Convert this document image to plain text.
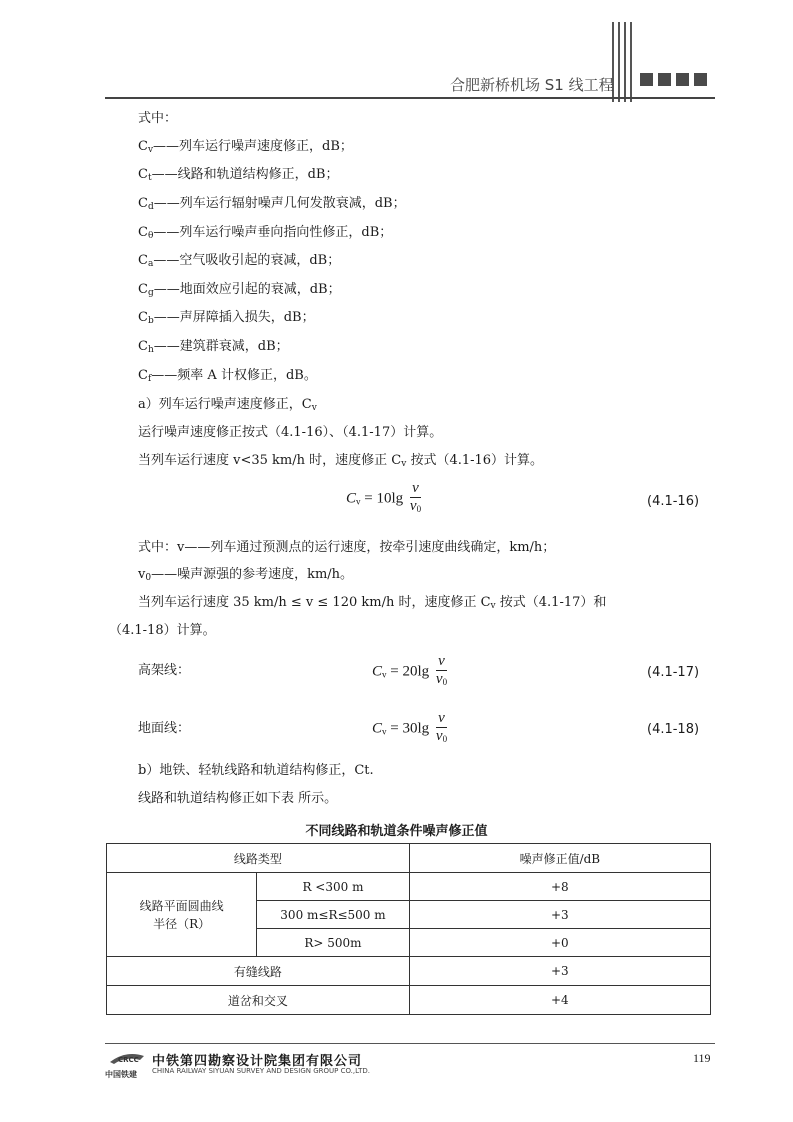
合肥新桥机场 S1 线工程
式中：
a）列车运行噪声速度修正，$C_v$
运行噪声速度修正按式（4.1-16）、（4.1-17）计算。
当列车运行速度 v<35 km/h 时，速度修正 $C_v$ 按式（4.1-16）计算。
$C_v = 10\lg \frac{v}{v_0}$	(4.1-16)
式中：v——列车通过预测点的运行速度，按牵引速度曲线确定，km/h；
$v_0——$噪声源强的参考速度，km/h。
当列车运行速度 35 km/h ≤ v ≤ 120 km/h 时，速度修正 $C_v$ 按式（4.1-17）和
（4.1-18）计算。
高架线：	$C_v = 20\lg \frac{v}{v_0}$	(4.1-17)
地面线：	$C_v = 30\lg \frac{v}{v_0}$	(4.1-18)
b）地铁、轻轨线路和轨道结构修正，Ct.
线路和轨道结构修正如下表 所示。
不同线路和轨道条件噪声修正值
线路类型		噪声修正值/dB
线路平面圆曲线
半径（R）	R <300 m	+8
	300 m≤R≤500 m	+3
	R> 500m	+0
有缝线路		+3
道岔和交叉		+4
CRCC
中国铁建
中铁第四勘察设计院集团有限公司
CHINA RAILWAY SIYUAN SURVEY AND DESIGN GROUP CO.,LTD.
119
$C_v——$列车运行噪声速度修正，dB；
$C_t——$线路和轨道结构修正，dB；
$C_d——$列车运行辐射噪声几何发散衰减，dB；
$C_\theta——$列车运行噪声垂向指向性修正，dB；
$C_a——$空气吸收引起的衰减，dB；
$C_g——$地面效应引起的衰减，dB；
$C_b——$声屏障插入损失，dB；
$C_h——$建筑群衰减，dB；
$C_f——$频率 A 计权修正，dB。
